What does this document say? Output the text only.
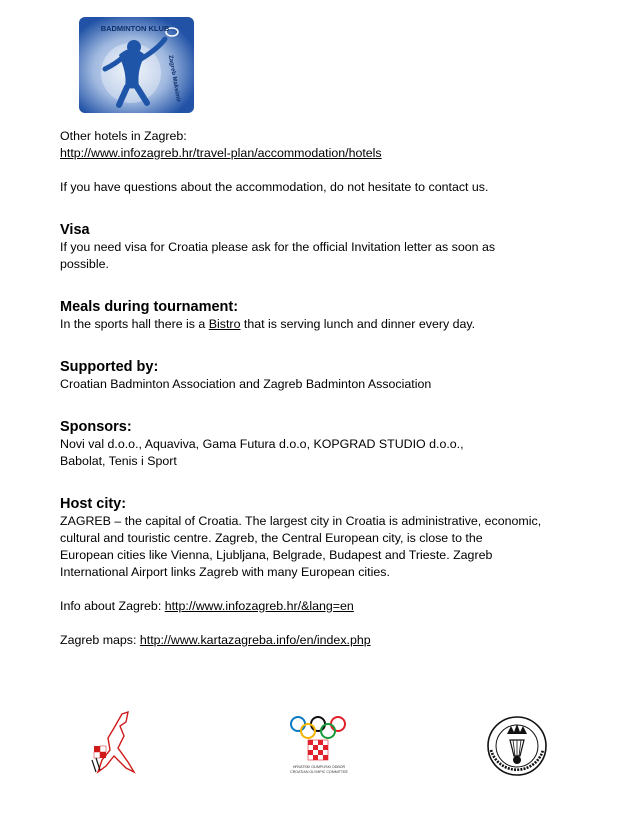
BADMINTON KLUB
Zagreb Maksimir

Other hotels in Zagreb:

http://www.infozagreb.hr/travel-plan/accommodation/hotels

If you have questions about the accommodation, do not hesitate to contact us.

Visa

If you need visa for Croatia please ask for the official Invitation letter as soon as

possible.

Meals during tournament:

In the sports hall there is a Bistro that is serving lunch and dinner every day.

Supported by:

Croatian Badminton Association and Zagreb Badminton Association

Sponsors:

Novi val d.o.o., Aquaviva, Gama Futura d.o.o, KOPGRAD STUDIO d.o.o.,

Babolat, Tenis i Sport

Host city:

ZAGREB – the capital of Croatia. The largest city in Croatia is administrative, economic,

cultural and touristic centre. Zagreb, the Central European city, is close to the

European cities like Vienna, Ljubljana, Belgrade, Budapest and Trieste. Zagreb

International Airport links Zagreb with many European cities.

Info about Zagreb: http://www.infozagreb.hr/&lang=en

Zagreb maps: http://www.kartazagreba.info/en/index.php

HRVATSKI OLIMPIJSKI ODBOR
CROATIAN OLYMPIC COMMITTEE
